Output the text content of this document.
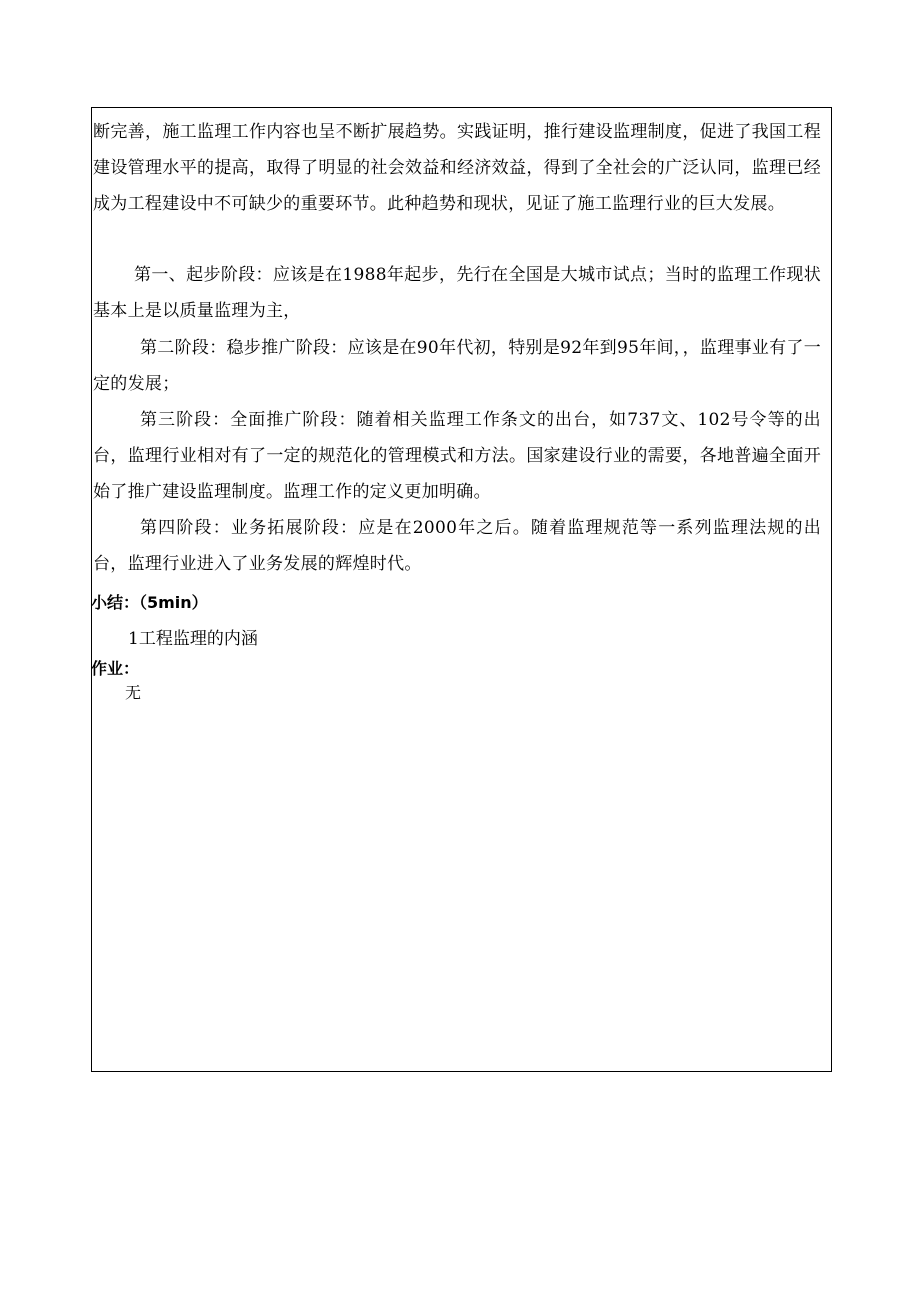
断完善，施工监理工作内容也呈不断扩展趋势。实践证明，推行建设监理制度，促进了我国工程建设管理水平的提高，取得了明显的社会效益和经济效益，得到了全社会的广泛认同，监理已经成为工程建设中不可缺少的重要环节。此种趋势和现状，见证了施工监理行业的巨大发展。

第一、起步阶段：应该是在1988年起步，先行在全国是大城市试点；当时的监理工作现状基本上是以质量监理为主，

第二阶段：稳步推广阶段：应该是在90年代初，特别是92年到95年间，，监理事业有了一定的发展；

第三阶段：全面推广阶段：随着相关监理工作条文的出台，如737文、102号令等的出台，监理行业相对有了一定的规范化的管理模式和方法。国家建设行业的需要，各地普遍全面开始了推广建设监理制度。监理工作的定义更加明确。

第四阶段：业务拓展阶段：应是在2000年之后。随着监理规范等一系列监理法规的出台，监理行业进入了业务发展的辉煌时代。

小结：（5min）

1工程监理的内涵

作业：

无
